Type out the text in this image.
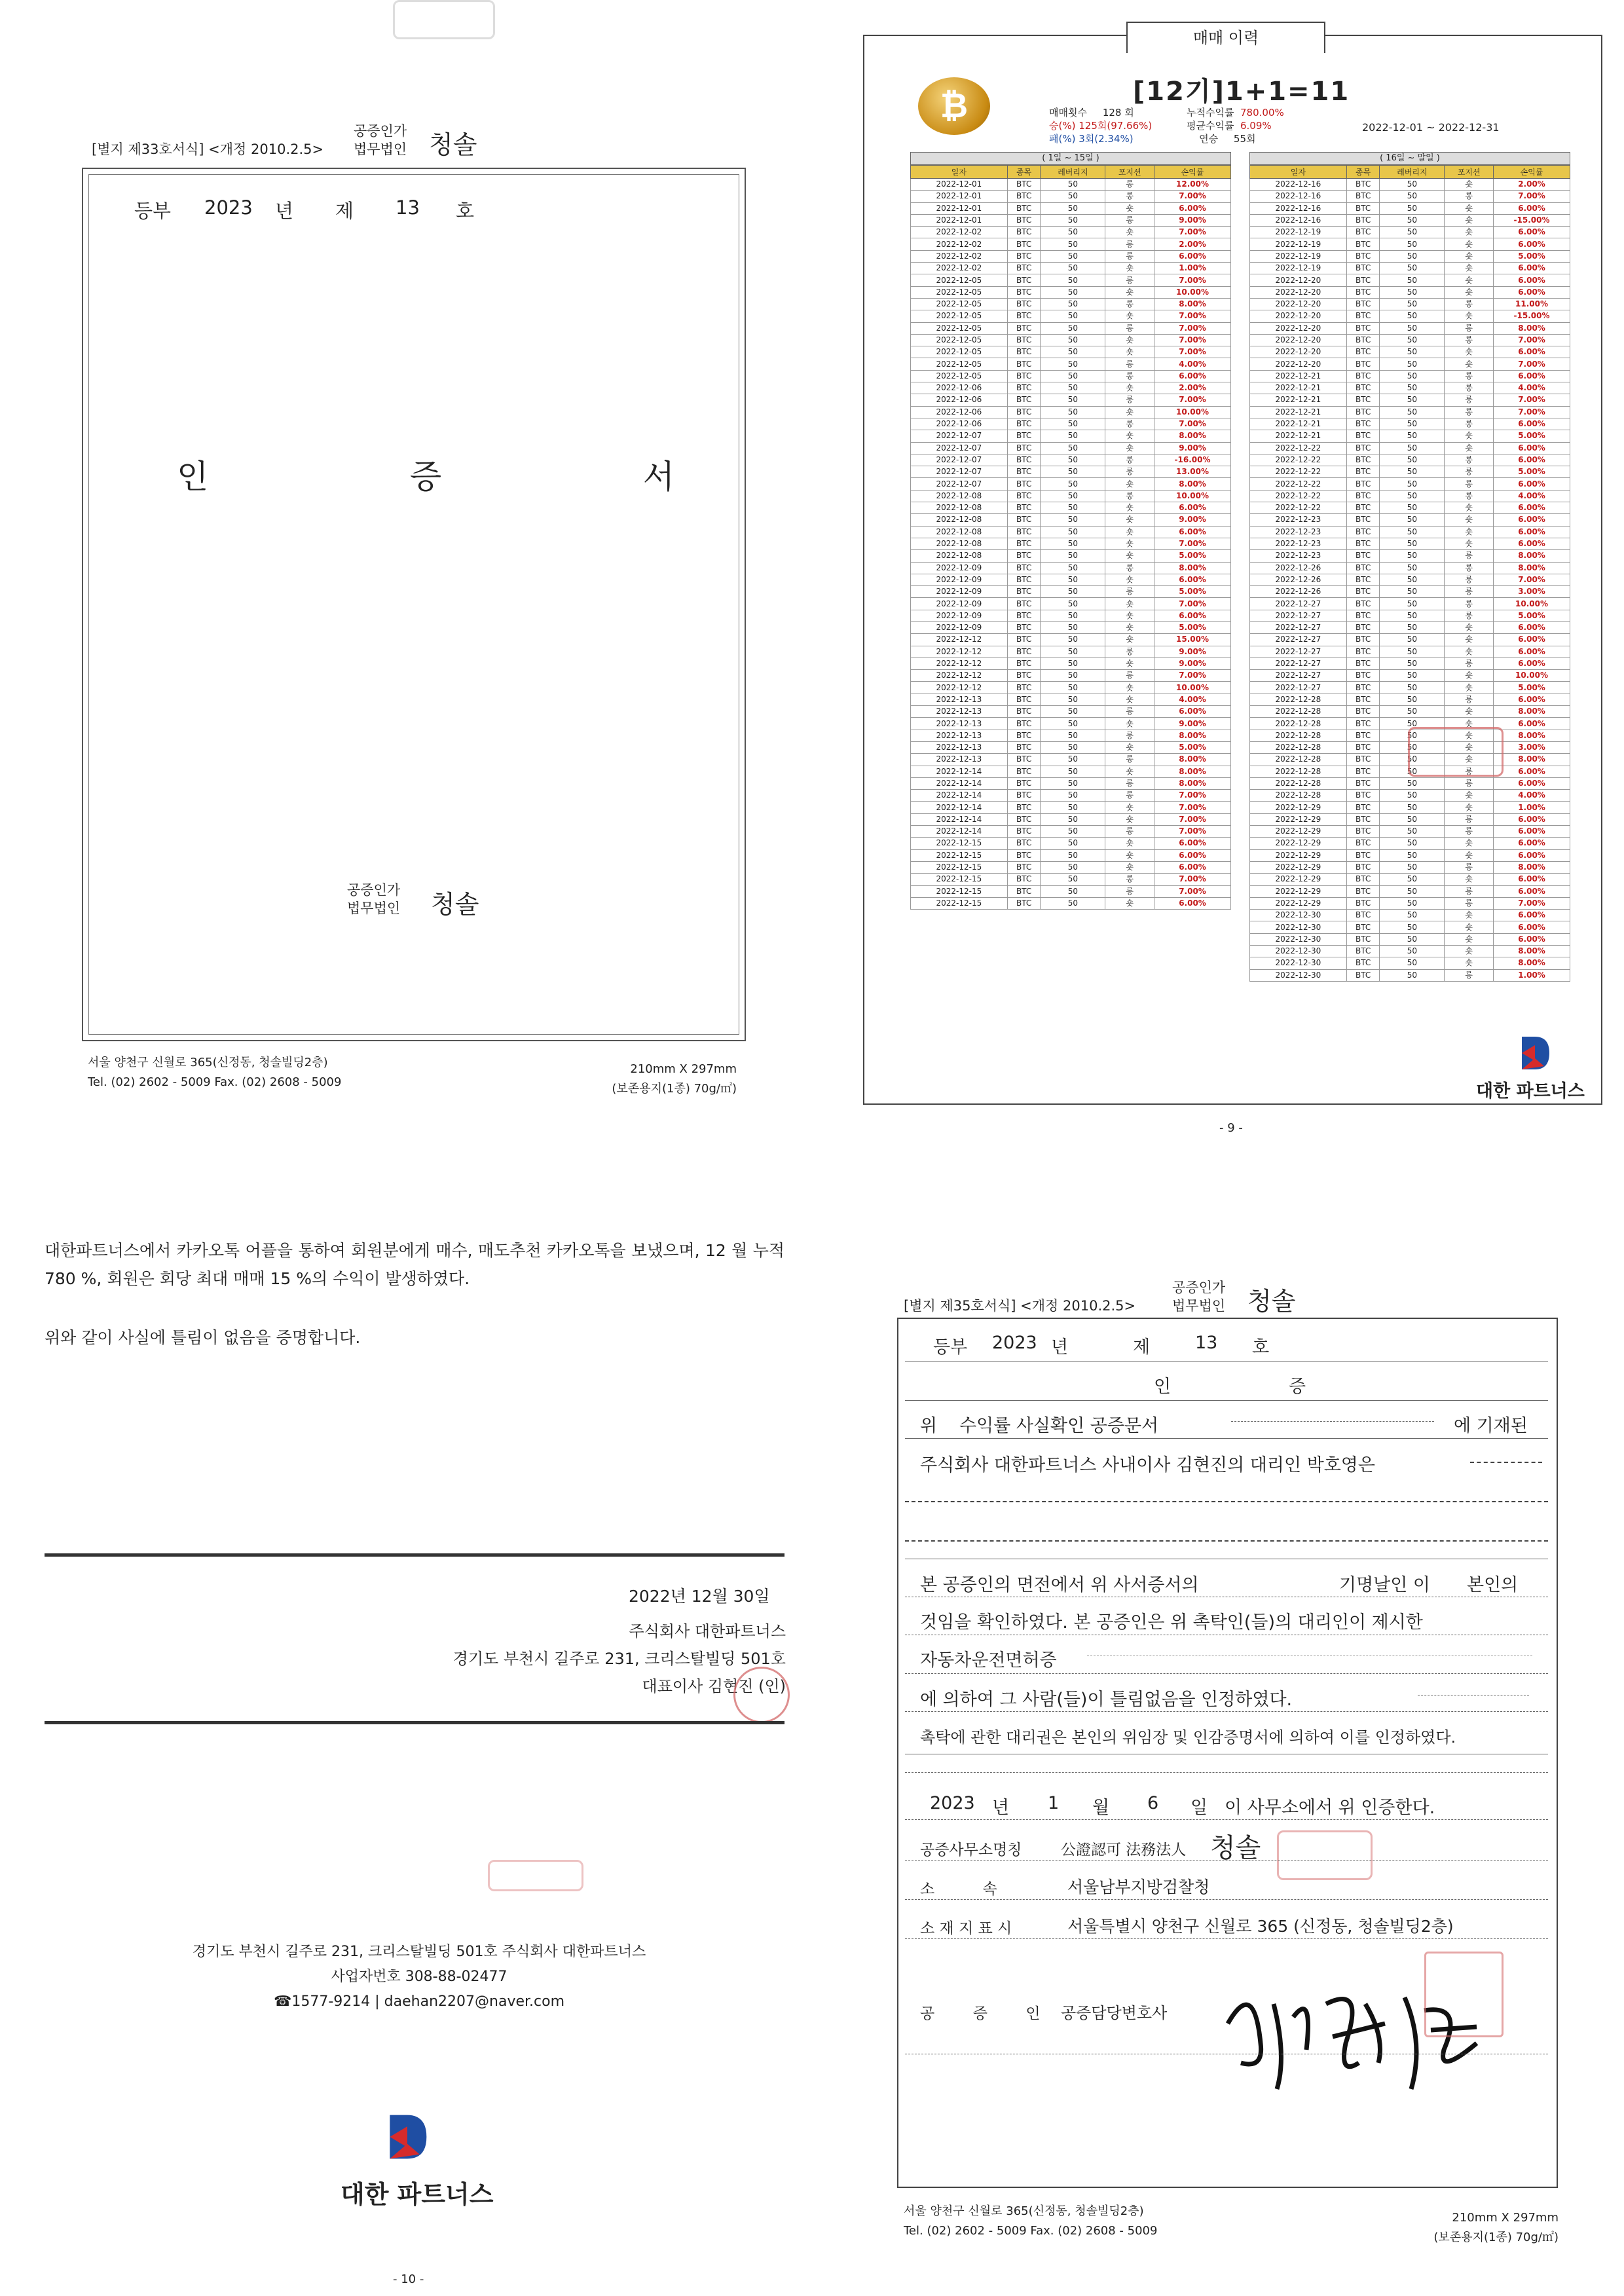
[별지 제33호서식] <개정 2010.2.5>
공증인가
법무법인 청솔
등부 2023 년 제 13 호
인	증	서
공증인가
법무법인 청솔
서울 양천구 신월로 365(신정동, 청솔빌딩2층)
Tel. (02) 2602 - 5009 Fax. (02) 2608 - 5009
210mm X 297mm
(보존용지(1종) 70g/㎡)
매매 이력
₿	[12기]1+1=11
매매횟수 128 회
승(%) 125회(97.66%)
패(%) 3회(2.34%)
누적수익률 780.00%
평균수익률 6.09%
연승 55회
2022-12-01 ~ 2022-12-31
( 1일 ~ 15일 )
일자	종목	레버리지	포지션	손익률
2022-12-01	BTC	50	롱	12.00%
2022-12-01	BTC	50	롱	7.00%
2022-12-01	BTC	50	숏	6.00%
2022-12-01	BTC	50	롱	9.00%
2022-12-02	BTC	50	숏	7.00%
2022-12-02	BTC	50	롱	2.00%
2022-12-02	BTC	50	롱	6.00%
2022-12-02	BTC	50	숏	1.00%
2022-12-05	BTC	50	롱	7.00%
2022-12-05	BTC	50	숏	10.00%
2022-12-05	BTC	50	롱	8.00%
2022-12-05	BTC	50	숏	7.00%
2022-12-05	BTC	50	롱	7.00%
2022-12-05	BTC	50	숏	7.00%
2022-12-05	BTC	50	숏	7.00%
2022-12-05	BTC	50	롱	4.00%
2022-12-05	BTC	50	롱	6.00%
2022-12-06	BTC	50	숏	2.00%
2022-12-06	BTC	50	롱	7.00%
2022-12-06	BTC	50	숏	10.00%
2022-12-06	BTC	50	롱	7.00%
2022-12-07	BTC	50	숏	8.00%
2022-12-07	BTC	50	숏	9.00%
2022-12-07	BTC	50	롱	-16.00%
2022-12-07	BTC	50	롱	13.00%
2022-12-07	BTC	50	숏	8.00%
2022-12-08	BTC	50	롱	10.00%
2022-12-08	BTC	50	숏	6.00%
2022-12-08	BTC	50	숏	9.00%
2022-12-08	BTC	50	숏	6.00%
2022-12-08	BTC	50	숏	7.00%
2022-12-08	BTC	50	숏	5.00%
2022-12-09	BTC	50	롱	8.00%
2022-12-09	BTC	50	숏	6.00%
2022-12-09	BTC	50	롱	5.00%
2022-12-09	BTC	50	숏	7.00%
2022-12-09	BTC	50	숏	6.00%
2022-12-09	BTC	50	숏	5.00%
2022-12-12	BTC	50	숏	15.00%
2022-12-12	BTC	50	롱	9.00%
2022-12-12	BTC	50	숏	9.00%
2022-12-12	BTC	50	롱	7.00%
2022-12-12	BTC	50	숏	10.00%
2022-12-13	BTC	50	숏	4.00%
2022-12-13	BTC	50	롱	6.00%
2022-12-13	BTC	50	숏	9.00%
2022-12-13	BTC	50	롱	8.00%
2022-12-13	BTC	50	숏	5.00%
2022-12-13	BTC	50	롱	8.00%
2022-12-14	BTC	50	숏	8.00%
2022-12-14	BTC	50	롱	8.00%
2022-12-14	BTC	50	롱	7.00%
2022-12-14	BTC	50	숏	7.00%
2022-12-14	BTC	50	숏	7.00%
2022-12-14	BTC	50	롱	7.00%
2022-12-15	BTC	50	숏	6.00%
2022-12-15	BTC	50	숏	6.00%
2022-12-15	BTC	50	숏	6.00%
2022-12-15	BTC	50	롱	7.00%
2022-12-15	BTC	50	롱	7.00%
2022-12-15	BTC	50	숏	6.00%
( 16일 ~ 말일 )
일자	종목	레버리지	포지션	손익률
2022-12-16	BTC	50	숏	2.00%
2022-12-16	BTC	50	롱	7.00%
2022-12-16	BTC	50	숏	6.00%
2022-12-16	BTC	50	숏	-15.00%
2022-12-19	BTC	50	숏	6.00%
2022-12-19	BTC	50	숏	6.00%
2022-12-19	BTC	50	숏	5.00%
2022-12-19	BTC	50	숏	6.00%
2022-12-20	BTC	50	숏	6.00%
2022-12-20	BTC	50	숏	6.00%
2022-12-20	BTC	50	롱	11.00%
2022-12-20	BTC	50	숏	-15.00%
2022-12-20	BTC	50	롱	8.00%
2022-12-20	BTC	50	롱	7.00%
2022-12-20	BTC	50	숏	6.00%
2022-12-20	BTC	50	숏	7.00%
2022-12-21	BTC	50	롱	6.00%
2022-12-21	BTC	50	롱	4.00%
2022-12-21	BTC	50	롱	7.00%
2022-12-21	BTC	50	롱	7.00%
2022-12-21	BTC	50	롱	6.00%
2022-12-21	BTC	50	숏	5.00%
2022-12-22	BTC	50	숏	6.00%
2022-12-22	BTC	50	롱	6.00%
2022-12-22	BTC	50	롱	5.00%
2022-12-22	BTC	50	롱	6.00%
2022-12-22	BTC	50	롱	4.00%
2022-12-22	BTC	50	숏	6.00%
2022-12-23	BTC	50	숏	6.00%
2022-12-23	BTC	50	숏	6.00%
2022-12-23	BTC	50	숏	6.00%
2022-12-23	BTC	50	롱	8.00%
2022-12-26	BTC	50	롱	8.00%
2022-12-26	BTC	50	롱	7.00%
2022-12-26	BTC	50	롱	3.00%
2022-12-27	BTC	50	롱	10.00%
2022-12-27	BTC	50	롱	5.00%
2022-12-27	BTC	50	숏	6.00%
2022-12-27	BTC	50	숏	6.00%
2022-12-27	BTC	50	숏	6.00%
2022-12-27	BTC	50	롱	6.00%
2022-12-27	BTC	50	숏	10.00%
2022-12-27	BTC	50	숏	5.00%
2022-12-28	BTC	50	롱	6.00%
2022-12-28	BTC	50	숏	8.00%
2022-12-28	BTC	50	숏	6.00%
2022-12-28	BTC	50	숏	8.00%
2022-12-28	BTC	50	숏	3.00%
2022-12-28	BTC	50	숏	8.00%
2022-12-28	BTC	50	롱	6.00%
2022-12-28	BTC	50	롱	6.00%
2022-12-28	BTC	50	숏	4.00%
2022-12-29	BTC	50	숏	1.00%
2022-12-29	BTC	50	롱	6.00%
2022-12-29	BTC	50	롱	6.00%
2022-12-29	BTC	50	숏	6.00%
2022-12-29	BTC	50	숏	6.00%
2022-12-29	BTC	50	롱	8.00%
2022-12-29	BTC	50	숏	6.00%
2022-12-29	BTC	50	롱	6.00%
2022-12-29	BTC	50	롱	7.00%
2022-12-30	BTC	50	숏	6.00%
2022-12-30	BTC	50	숏	6.00%
2022-12-30	BTC	50	숏	6.00%
2022-12-30	BTC	50	숏	8.00%
2022-12-30	BTC	50	숏	8.00%
2022-12-30	BTC	50	롱	1.00%
대한 파트너스
- 9 -
대한파트너스에서 카카오톡 어플을 통하여 회원분에게 매수, 매도추천 카카오톡을 보냈으며, 12 월 누적 780 %, 회원은 회당 최대 매매 15 %의 수익이 발생하였다.
위와 같이 사실에 틀림이 없음을 증명합니다.
2022년 12월 30일
주식회사 대한파트너스
경기도 부천시 길주로 231, 크리스탈빌딩 501호
대표이사 김현진 (인)
경기도 부천시 길주로 231, 크리스탈빌딩 501호 주식회사 대한파트너스
사업자번호 308-88-02477
☎1577-9214 | daehan2207@naver.com
대한 파트너스
- 10 -
[별지 제35호서식] <개정 2010.2.5>
공증인가
법무법인 청솔
등부 2023 년	제	13 호
인	증
위 수익률 사실확인 공증문서	에 기재된
주식회사 대한파트너스 사내이사 김현진의 대리인 박호영은
본 공증인의 면전에서 위 사서증서의	기명날인 이 본인의
것임을 확인하였다. 본 공증인은 위 촉탁인(들)의 대리인이 제시한
자동차운전면허증
에 의하여 그 사람(들)이 틀림없음을 인정하였다.
촉탁에 관한 대리권은 본인의 위임장 및 인감증명서에 의하여 이를 인정하였다.
2023 년 1 월 6 일 이 사무소에서 위 인증한다.
공증사무소명칭	公證認可 法務法人 청솔
소          속	서울남부지방검찰청
소 재 지 표 시	서울특별시 양천구 신월로 365 (신정동, 청솔빌딩2층)
공        증        인 공증담당변호사
서울 양천구 신월로 365(신정동, 청솔빌딩2층)
Tel. (02) 2602 - 5009 Fax. (02) 2608 - 5009
210mm X 297mm
(보존용지(1종) 70g/㎡)
